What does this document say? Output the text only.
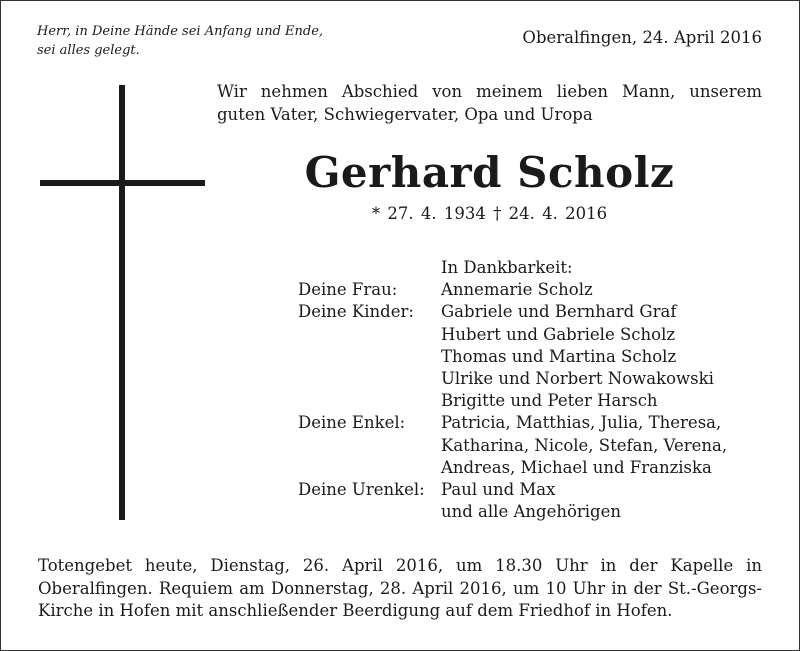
Herr, in Deine Hände sei Anfang und Ende,
sei alles gelegt.
Oberalfingen, 24. April 2016
Wir nehmen Abschied von meinem lieben Mann, unserem
guten Vater, Schwiegervater, Opa und Uropa
Gerhard Scholz
* 27. 4. 1934 † 24. 4. 2016
In Dankbarkeit:
Deine Frau:	Annemarie Scholz
Deine Kinder:	Gabriele und Bernhard Graf
Hubert und Gabriele Scholz
Thomas und Martina Scholz
Ulrike und Norbert Nowakowski
Brigitte und Peter Harsch
Deine Enkel:	Patricia, Matthias, Julia, Theresa,
Katharina, Nicole, Stefan, Verena,
Andreas, Michael und Franziska
Deine Urenkel: Paul und Max
und alle Angehörigen
Totengebet heute, Dienstag, 26. April 2016, um 18.30 Uhr in der Kapelle in
Oberalfingen. Requiem am Donnerstag, 28. April 2016, um 10 Uhr in der St.-Georgs-
Kirche in Hofen mit anschließender Beerdigung auf dem Friedhof in Hofen.
